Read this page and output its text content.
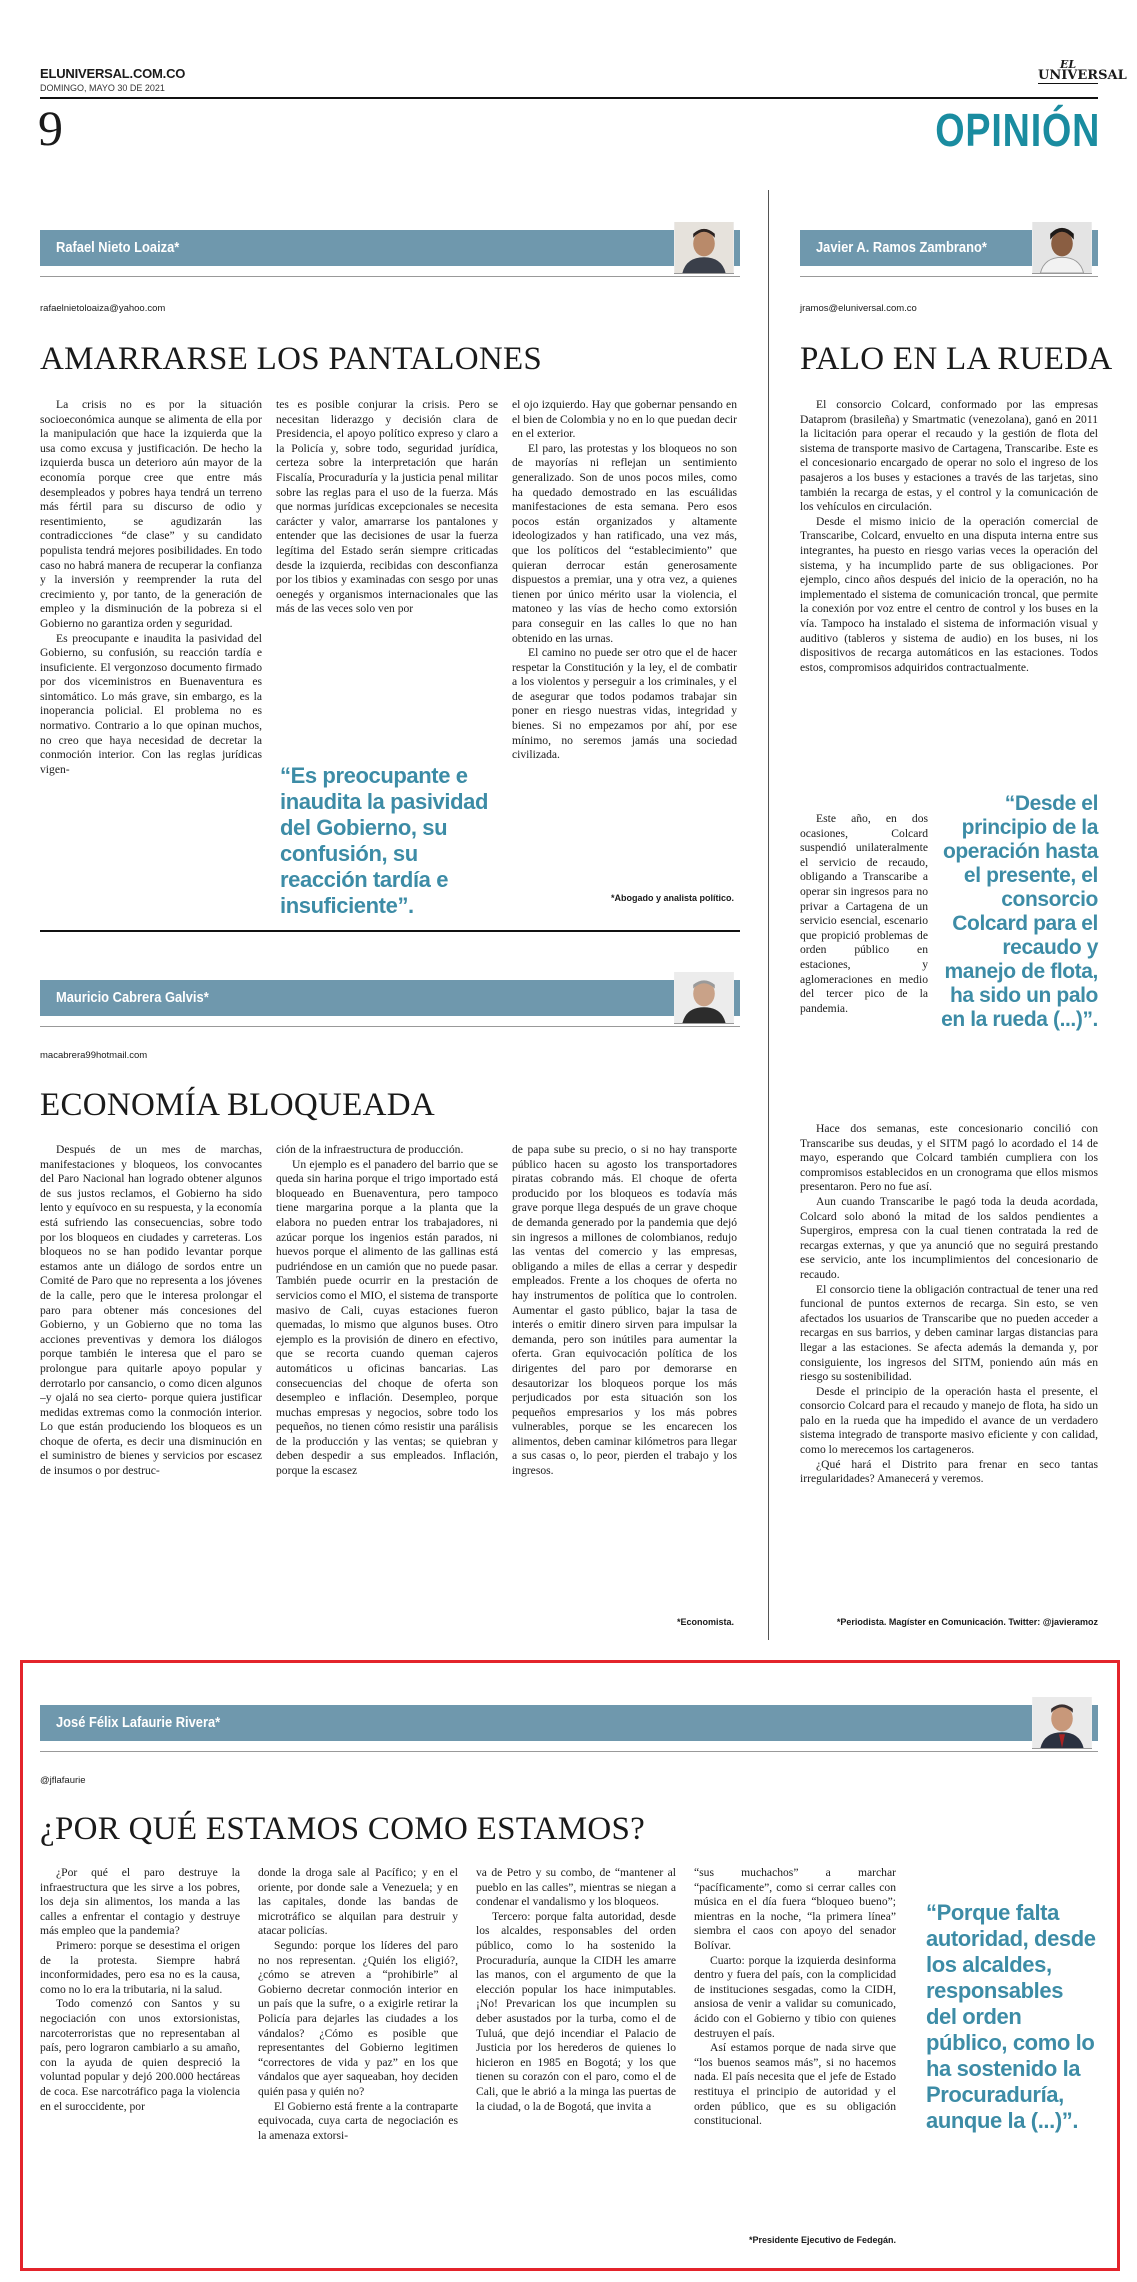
ELUNIVERSAL.COM.CO
DOMINGO, MAYO 30 DE 2021
EL
UNIVERSAL
9	OPINIÓN
Rafael Nieto Loaiza*
rafaelnietoloaiza@yahoo.com
AMARRARSE LOS PANTALONES

La crisis no es por la situación socioeconómica aunque se alimenta de ella por la manipulación que hace la izquierda que la usa como excusa y justificación. De hecho la izquierda busca un deterioro aún mayor de la economía porque cree que entre más desempleados y pobres haya tendrá un terreno más fértil para su discurso de odio y resentimiento, se agudizarán las contradicciones “de clase” y su candidato populista tendrá mejores posibilidades. En todo caso no habrá manera de recuperar la confianza y la inversión y reemprender la ruta del crecimiento y, por tanto, de la generación de empleo y la disminución de la pobreza si el Gobierno no garantiza orden y seguridad.

Es preocupante e inaudita la pasividad del Gobierno, su confusión, su reacción tardía e insuficiente. El vergonzoso documento firmado por dos viceministros en Buenaventura es sintomático. Lo más grave, sin embargo, es la inoperancia policial. El problema no es normativo. Contrario a lo que opinan muchos, no creo que haya necesidad de decretar la conmoción interior. Con las reglas jurídicas vigen-

tes es posible conjurar la crisis. Pero se necesitan liderazgo y decisión clara de Presidencia, el apoyo político expreso y claro a la Policía y, sobre todo, seguridad jurídica, certeza sobre la interpretación que harán Fiscalía, Procuraduría y la justicia penal militar sobre las reglas para el uso de la fuerza. Más que normas jurídicas excepcionales se necesita carácter y valor, amarrarse los pantalones y entender que las decisiones de usar la fuerza legítima del Estado serán siempre criticadas desde la izquierda, recibidas con desconfianza por los tibios y examinadas con sesgo por unas oenegés y organismos internacionales que las más de las veces solo ven por

“Es preocupante e inaudita la pasividad del Gobierno, su confusión, su reacción tardía e insuficiente”.

el ojo izquierdo. Hay que gobernar pensando en el bien de Colombia y no en lo que puedan decir en el exterior.

El paro, las protestas y los bloqueos no son de mayorías ni reflejan un sentimiento generalizado. Son de unos pocos miles, como ha quedado demostrado en las escuálidas manifestaciones de esta semana. Pero esos pocos están organizados y altamente ideologizados y han ratificado, una vez más, que los políticos del “establecimiento” que quieran derrocar están generosamente dispuestos a premiar, una y otra vez, a quienes tienen por único mérito usar la violencia, el matoneo y las vías de hecho como extorsión para conseguir en las calles lo que no han obtenido en las urnas.

El camino no puede ser otro que el de hacer respetar la Constitución y la ley, el de combatir a los violentos y perseguir a los criminales, y el de asegurar que todos podamos trabajar sin poner en riesgo nuestras vidas, integridad y bienes. Si no empezamos por ahí, por ese mínimo, no seremos jamás una sociedad civilizada.

*Abogado y analista político.
Mauricio Cabrera Galvis*
macabrera99hotmail.com
ECONOMÍA BLOQUEADA

Después de un mes de marchas, manifestaciones y bloqueos, los convocantes del Paro Nacional han logrado obtener algunos de sus justos reclamos, el Gobierno ha sido lento y equívoco en su respuesta, y la economía está sufriendo las consecuencias, sobre todo por los bloqueos en ciudades y carreteras. Los bloqueos no se han podido levantar porque estamos ante un diálogo de sordos entre un Comité de Paro que no representa a los jóvenes de la calle, pero que le interesa prolongar el paro para obtener más concesiones del Gobierno, y un Gobierno que no toma las acciones preventivas y demora los diálogos porque también le interesa que el paro se prolongue para quitarle apoyo popular y derrotarlo por cansancio, o como dicen algunos –y ojalá no sea cierto- porque quiera justificar medidas extremas como la conmoción interior. Lo que están produciendo los bloqueos es un choque de oferta, es decir una disminución en el suministro de bienes y servicios por escasez de insumos o por destruc-

ción de la infraestructura de producción.

Un ejemplo es el panadero del barrio que se queda sin harina porque el trigo importado está bloqueado en Buenaventura, pero tampoco tiene margarina porque a la planta que la elabora no pueden entrar los trabajadores, ni azúcar porque los ingenios están parados, ni huevos porque el alimento de las gallinas está pudriéndose en un camión que no puede pasar. También puede ocurrir en la prestación de servicios como el MIO, el sistema de transporte masivo de Cali, cuyas estaciones fueron quemadas, lo mismo que algunos buses. Otro ejemplo es la provisión de dinero en efectivo, que se recorta cuando queman cajeros automáticos u oficinas bancarias. Las consecuencias del choque de oferta son desempleo e inflación. Desempleo, porque muchas empresas y negocios, sobre todo los pequeños, no tienen cómo resistir una parálisis de la producción y las ventas; se quiebran y deben despedir a sus empleados. Inflación, porque la escasez

de papa sube su precio, o si no hay transporte público hacen su agosto los transportadores piratas cobrando más. El choque de oferta producido por los bloqueos es todavía más grave porque llega después de un grave choque de demanda generado por la pandemia que dejó sin ingresos a millones de colombianos, redujo las ventas del comercio y las empresas, obligando a miles de ellas a cerrar y despedir empleados. Frente a los choques de oferta no hay instrumentos de política que lo controlen. Aumentar el gasto público, bajar la tasa de interés o emitir dinero sirven para impulsar la demanda, pero son inútiles para aumentar la oferta. Gran equivocación política de los dirigentes del paro por demorarse en desautorizar los bloqueos porque los más perjudicados por esta situación son los pequeños empresarios y los más pobres vulnerables, porque se les encarecen los alimentos, deben caminar kilómetros para llegar a sus casas o, lo peor, pierden el trabajo y los ingresos.

*Economista.
Javier A. Ramos Zambrano*
jramos@eluniversal.com.co
PALO EN LA RUEDA

El consorcio Colcard, conformado por las empresas Dataprom (brasileña) y Smartmatic (venezolana), ganó en 2011 la licitación para operar el recaudo y la gestión de flota del sistema de transporte masivo de Cartagena, Transcaribe. Este es el concesionario encargado de operar no solo el ingreso de los pasajeros a los buses y estaciones a través de las tarjetas, sino también la recarga de estas, y el control y la comunicación de los vehículos en circulación.

Desde el mismo inicio de la operación comercial de Transcaribe, Colcard, envuelto en una disputa interna entre sus integrantes, ha puesto en riesgo varias veces la operación del sistema, y ha incumplido parte de sus obligaciones. Por ejemplo, cinco años después del inicio de la operación, no ha implementado el sistema de comunicación troncal, que permite la conexión por voz entre el centro de control y los buses en la vía. Tampoco ha instalado el sistema de información visual y auditivo (tableros y sistema de audio) en los buses, ni los dispositivos de recarga automáticos en las estaciones. Todos estos, compromisos adquiridos contractualmente.

Este año, en dos ocasiones, Colcard suspendió unilateralmente el servicio de recaudo, obligando a Transcaribe a operar sin ingresos para no privar a Cartagena de un servicio esencial, escenario que propició problemas de orden público en estaciones, y aglomeraciones en medio del tercer pico de la pandemia.

“Desde el principio de la operación hasta el presente, el consorcio Colcard para el recaudo y manejo de flota, ha sido un palo en la rueda (...)”.

Hace dos semanas, este concesionario concilió con Transcaribe sus deudas, y el SITM pagó lo acordado el 14 de mayo, esperando que Colcard también cumpliera con los compromisos establecidos en un cronograma que ellos mismos presentaron. Pero no fue así.

Aun cuando Transcaribe le pagó toda la deuda acordada, Colcard solo abonó la mitad de los saldos pendientes a Supergiros, empresa con la cual tienen contratada la red de recargas externas, y que ya anunció que no seguirá prestando ese servicio, ante los incumplimientos del concesionario de recaudo.

El consorcio tiene la obligación contractual de tener una red funcional de puntos externos de recarga. Sin esto, se ven afectados los usuarios de Transcaribe que no pueden acceder a recargas en sus barrios, y deben caminar largas distancias para llegar a las estaciones. Se afecta además la demanda y, por consiguiente, los ingresos del SITM, poniendo aún más en riesgo su sostenibilidad.

Desde el principio de la operación hasta el presente, el consorcio Colcard para el recaudo y manejo de flota, ha sido un palo en la rueda que ha impedido el avance de un verdadero sistema integrado de transporte masivo eficiente y con calidad, como lo merecemos los cartageneros.

¿Qué hará el Distrito para frenar en seco tantas irregularidades? Amanecerá y veremos.

*Periodista. Magíster en Comunicación. Twitter: @javieramoz
José Félix Lafaurie Rivera*
@jflafaurie
¿POR QUÉ ESTAMOS COMO ESTAMOS?

¿Por qué el paro destruye la infraestructura que les sirve a los pobres, los deja sin alimentos, los manda a las calles a enfrentar el contagio y destruye más empleo que la pandemia?

Primero: porque se desestima el origen de la protesta. Siempre habrá inconformidades, pero esa no es la causa, como no lo era la tributaria, ni la salud.

Todo comenzó con Santos y su negociación con unos extorsionistas, narcoterroristas que no representaban al país, pero lograron cambiarlo a su amaño, con la ayuda de quien despreció la voluntad popular y dejó 200.000 hectáreas de coca. Ese narcotráfico paga la violencia en el suroccidente, por

donde la droga sale al Pacífico; y en el oriente, por donde sale a Venezuela; y en las capitales, donde las bandas de microtráfico se alquilan para destruir y atacar policías.

Segundo: porque los líderes del paro no nos representan. ¿Quién los eligió?, ¿cómo se atreven a “prohibirle” al Gobierno decretar conmoción interior en un país que la sufre, o a exigirle retirar la Policía para dejarles las ciudades a los vándalos? ¿Cómo es posible que representantes del Gobierno legitimen “correctores de vida y paz” en los que vándalos que ayer saqueaban, hoy deciden quién pasa y quién no?

El Gobierno está frente a la contraparte equivocada, cuya carta de negociación es la amenaza extorsi-

va de Petro y su combo, de “mantener al pueblo en las calles”, mientras se niegan a condenar el vandalismo y los bloqueos.

Tercero: porque falta autoridad, desde los alcaldes, responsables del orden público, como lo ha sostenido la Procuraduría, aunque la CIDH les amarre las manos, con el argumento de que la elección popular los hace inimputables. ¡No! Prevarican los que incumplen su deber asustados por la turba, como el de Tuluá, que dejó incendiar el Palacio de Justicia por los herederos de quienes lo hicieron en 1985 en Bogotá; y los que tienen su corazón con el paro, como el de Cali, que le abrió a la minga las puertas de la ciudad, o la de Bogotá, que invita a

“sus muchachos” a marchar “pacíficamente”, como si cerrar calles con música en el día fuera “bloqueo bueno”; mientras en la noche, “la primera línea” siembra el caos con apoyo del senador Bolívar.

Cuarto: porque la izquierda desinforma dentro y fuera del país, con la complicidad de instituciones sesgadas, como la CIDH, ansiosa de venir a validar su comunicado, ácido con el Gobierno y tibio con quienes destruyen el país.

Así estamos porque de nada sirve que “los buenos seamos más”, si no hacemos nada. El país necesita que el jefe de Estado restituya el principio de autoridad y el orden público, que es su obligación constitucional.

“Porque falta autoridad, desde los alcaldes, responsables del orden público, como lo ha sostenido la Procuraduría, aunque la (...)”.
*Presidente Ejecutivo de Fedegán.
